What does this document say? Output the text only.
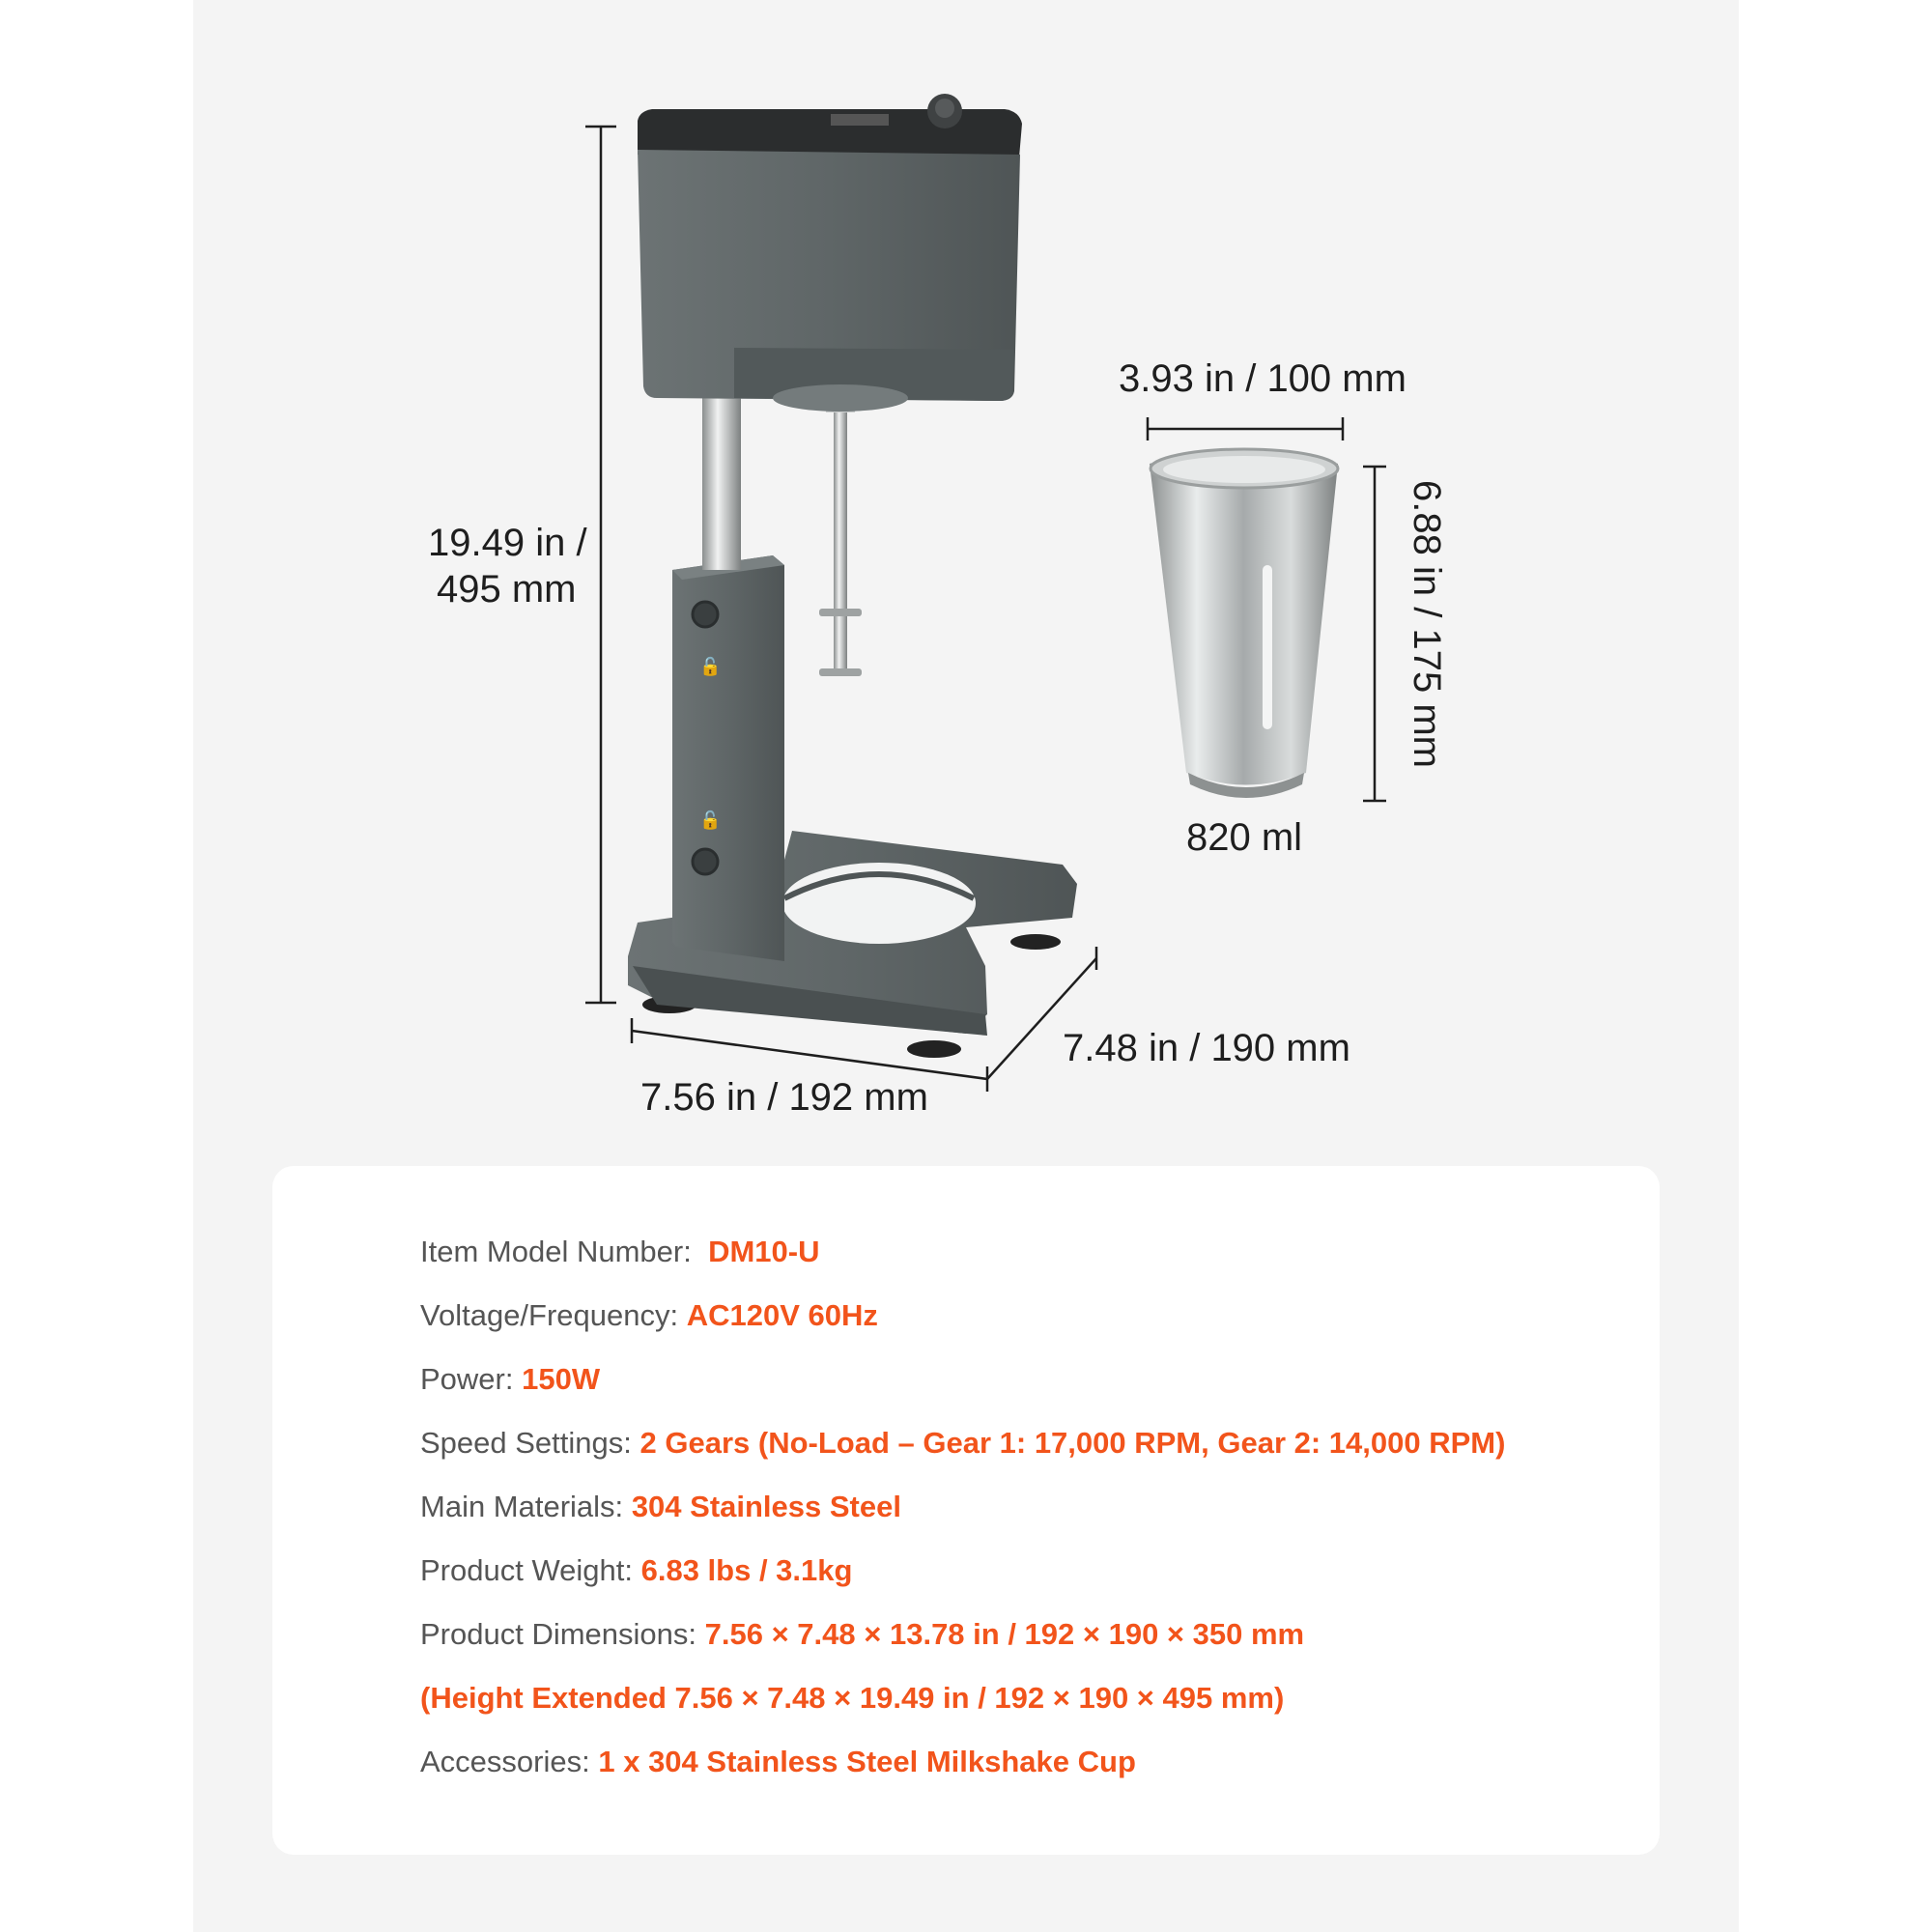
🔓
🔓
19.49 in /
495 mm
7.56 in / 192 mm
7.48 in / 190 mm
3.93 in / 100 mm
820 ml
6.88 in / 175 mm
Item Model Number: DM10-U
Voltage/Frequency: AC120V 60Hz
Power: 150W
Speed Settings: 2 Gears (No-Load – Gear 1: 17,000 RPM, Gear 2: 14,000 RPM)
Main Materials: 304 Stainless Steel
Product Weight: 6.83 lbs / 3.1kg
Product Dimensions: 7.56 × 7.48 × 13.78 in / 192 × 190 × 350 mm
(Height Extended 7.56 × 7.48 × 19.49 in / 192 × 190 × 495 mm)
Accessories: 1 x 304 Stainless Steel Milkshake Cup
